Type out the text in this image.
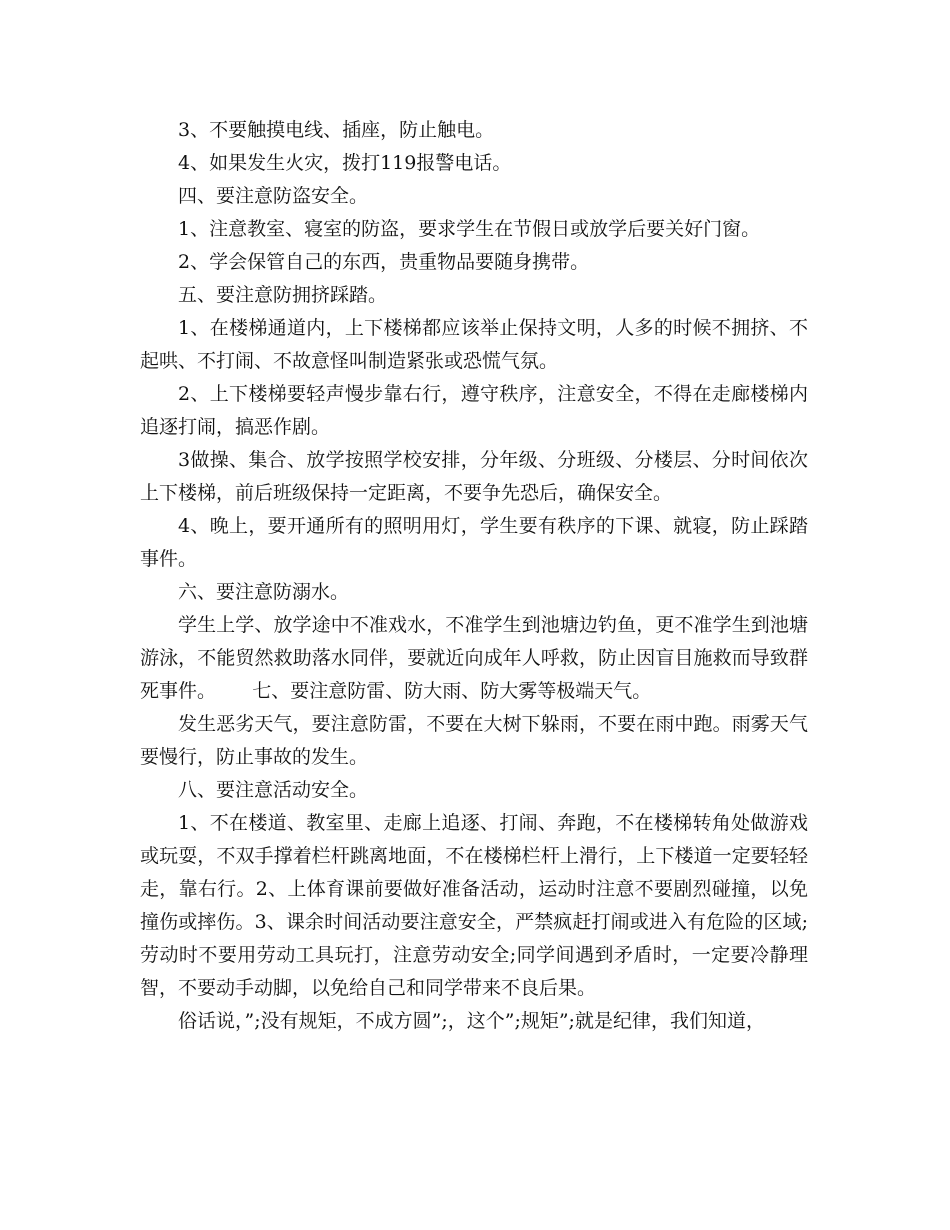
3、不要触摸电线、插座，防止触电。

4、如果发生火灾，拨打119报警电话。

四、要注意防盗安全。

1、注意教室、寝室的防盗，要求学生在节假日或放学后要关好门窗。

2、学会保管自己的东西，贵重物品要随身携带。

五、要注意防拥挤踩踏。

1、在楼梯通道内，上下楼梯都应该举止保持文明，人多的时候不拥挤、不起哄、不打闹、不故意怪叫制造紧张或恐慌气氛。

2、上下楼梯要轻声慢步靠右行，遵守秩序，注意安全，不得在走廊楼梯内追逐打闹，搞恶作剧。

3做操、集合、放学按照学校安排，分年级、分班级、分楼层、分时间依次上下楼梯，前后班级保持一定距离，不要争先恐后，确保安全。

4、晚上，要开通所有的照明用灯，学生要有秩序的下课、就寝，防止踩踏事件。

六、要注意防溺水。

学生上学、放学途中不准戏水，不准学生到池塘边钓鱼，更不准学生到池塘游泳，不能贸然救助落水同伴，要就近向成年人呼救，防止因盲目施救而导致群死事件。      七、要注意防雷、防大雨、防大雾等极端天气。

发生恶劣天气，要注意防雷，不要在大树下躲雨，不要在雨中跑。雨雾天气要慢行，防止事故的发生。

八、要注意活动安全。

1、不在楼道、教室里、走廊上追逐、打闹、奔跑，不在楼梯转角处做游戏或玩耍，不双手撑着栏杆跳离地面，不在楼梯栏杆上滑行，上下楼道一定要轻轻走，靠右行。2、上体育课前要做好准备活动，运动时注意不要剧烈碰撞，以免撞伤或摔伤。3、课余时间活动要注意安全，严禁疯赶打闹或进入有危险的区域;劳动时不要用劳动工具玩打，注意劳动安全;同学间遇到矛盾时，一定要冷静理智，不要动手动脚，以免给自己和同学带来不良后果。

俗话说，”;没有规矩，不成方圆”;，这个”;规矩”;就是纪律，我们知道，
